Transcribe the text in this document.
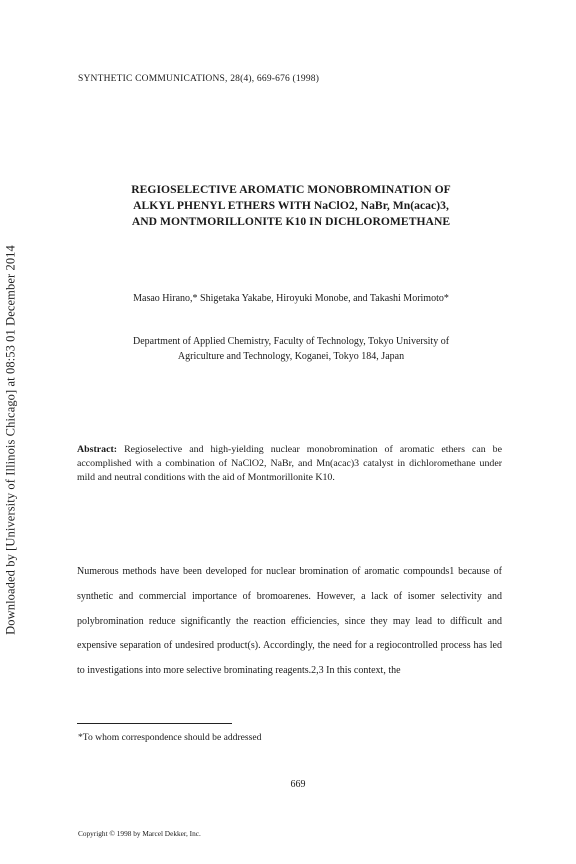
Downloaded by [University of Illinois Chicago] at 08:53 01 December 2014
SYNTHETIC COMMUNICATIONS, 28(4), 669-676 (1998)
REGIOSELECTIVE AROMATIC MONOBROMINATION OF
ALKYL PHENYL ETHERS WITH NaClO2, NaBr, Mn(acac)3,
AND MONTMORILLONITE K10 IN DICHLOROMETHANE
Masao Hirano,* Shigetaka Yakabe, Hiroyuki Monobe, and Takashi Morimoto*
Department of Applied Chemistry, Faculty of Technology, Tokyo University of
Agriculture and Technology, Koganei, Tokyo 184, Japan
Abstract: Regioselective and high-yielding nuclear monobromination of aromatic ethers can be accomplished with a combination of NaClO2, NaBr, and Mn(acac)3 catalyst in dichloromethane under mild and neutral conditions with the aid of Montmorillonite K10.
Numerous methods have been developed for nuclear bromination of aromatic compounds1 because of synthetic and commercial importance of bromoarenes. However, a lack of isomer selectivity and polybromination reduce significantly the reaction efficiencies, since they may lead to difficult and expensive separation of undesired product(s). Accordingly, the need for a regiocontrolled process has led to investigations into more selective brominating reagents.2,3 In this context, the
*To whom correspondence should be addressed
669
Copyright © 1998 by Marcel Dekker, Inc.
